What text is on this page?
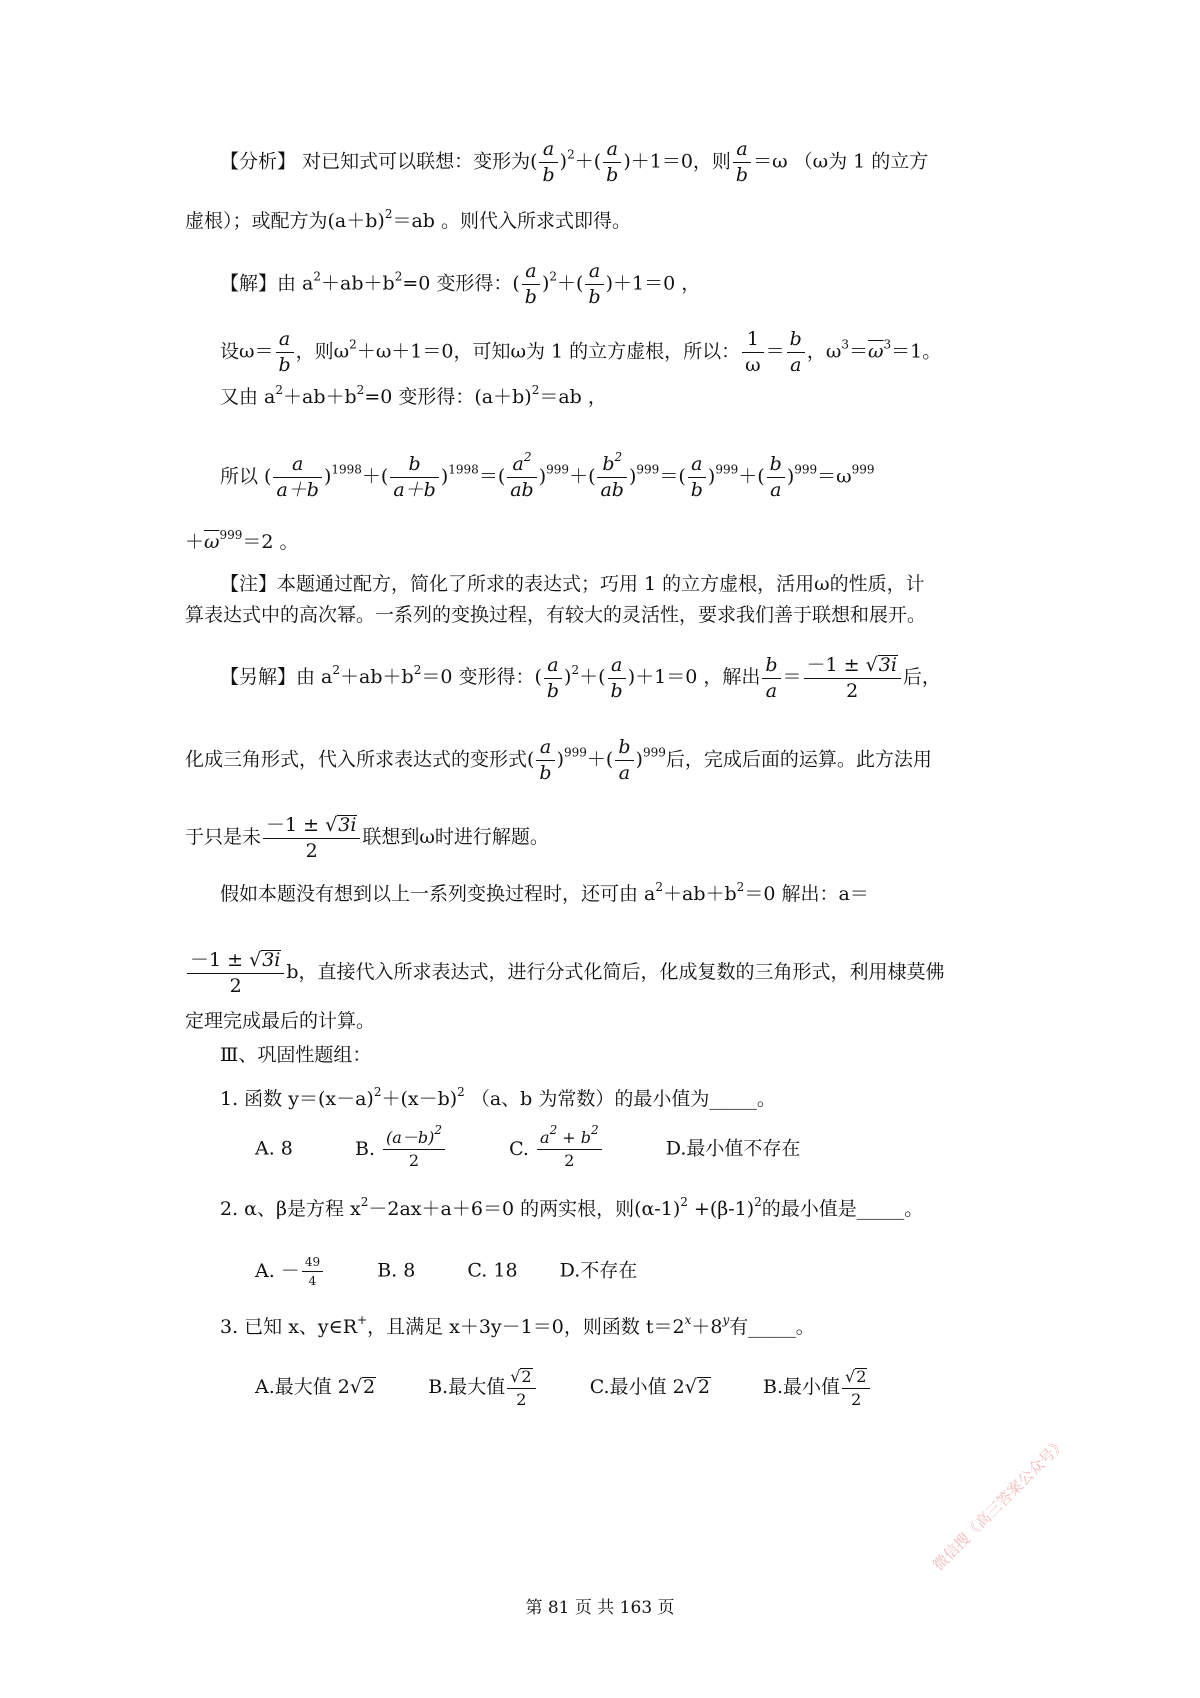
【分析】 对已知式可以联想：变形为( $\frac{a}{b} )^2+( \frac{a}{b} )+1=0$，则 $\frac{a}{b} =\omega$ （ω为 1 的立方
虚根）；或配方为$(a+b)^2=ab$ 。则代入所求式即得。
【解】由 $a^2+ab+b^2=0$ 变形得：( $\frac{a}{b} )^2+( \frac{a}{b} )+1=0$ ，
设$\omega= \frac{a}{b}$ ，则$\omega^2+\omega+1=0$，可知ω为 1 的立方虚根，所以： $\frac{1}{\omega} = \frac{b}{a}$ ，$\omega^3=\overline{\omega}^3=1$。
又由 $a^2+ab+b^2=0$ 变形得：$(a+b)^2=ab$ ，
所以 ( $\frac{a}{a+b} )^{1998}+( \frac{b}{a+b} )^{1998}=( \frac{a^2}{ab} )^{999}+( \frac{b^2}{ab} )^{999}=( \frac{a}{b} )^{999}+( \frac{b}{a} )^{999}=\omega^{999}$
$+\overline{\omega}^{999}=2$ 。
【注】本题通过配方，简化了所求的表达式；巧用 1 的立方虚根，活用ω的性质，计
算表达式中的高次幂。一系列的变换过程，有较大的灵活性，要求我们善于联想和展开。
【另解】由 $a^2+ab+b^2=0$ 变形得：( $\frac{a}{b} )^2+( \frac{a}{b} )+1=0$ ，解出 $\frac{b}{a} = \frac{-1 \pm √3i}{2}$ 后，
化成三角形式，代入所求表达式的变形式( $\frac{a}{b} )^{999}+( \frac{b}{a} )^{999}$后，完成后面的运算。此方法用
于只是未 $\frac{-1 \pm √3i}{2}$ 联想到ω时进行解题。
假如本题没有想到以上一系列变换过程时，还可由 $a^2+ab+b^2=0$ 解出：a＝
$\frac{-1 \pm √3i}{2}$ b，直接代入所求表达式，进行分式化简后，化成复数的三角形式，利用棣莫佛
定理完成最后的计算。
Ⅲ、巩固性题组：
1. 函数 $y=(x-a)^2+(x-b)^2$ （a、b 为常数）的最小值为_____。
A. 8	B. $\frac{(a-b)^2}{2}$	C. $\frac{a^2 + b^2}{2}$	D.最小值不存在
2. α、β是方程 $x^2-2ax+a+6=0$ 的两实根，则$(\alpha-1)^2 +(\beta-1)^2$的最小值是_____。
A. － $\frac{49}{4}$	B. 8	C. 18 D.不存在
3. 已知 x、y∈R+，且满足 x＋3y－1＝0，则函数 $t=2^x+8^y$有_____。
A.最大值 2√2	B.最大值 $\frac{√2}{2}$	C.最小值 2√2	B.最小值 $\frac{√2}{2}$
第 81 页 共 163 页
微信搜《高三答案公众号》
